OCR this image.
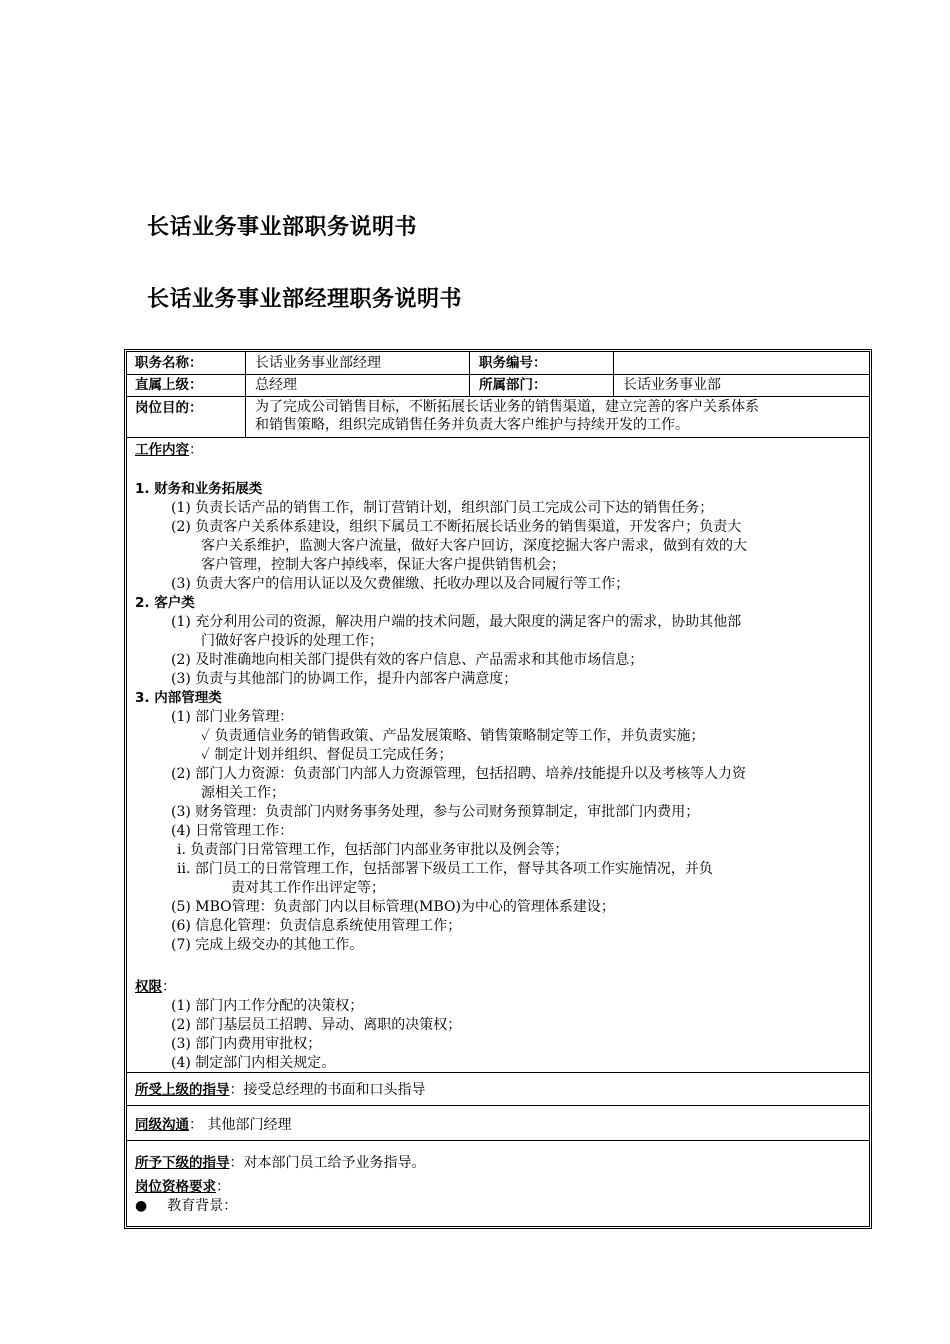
长话业务事业部职务说明书
长话业务事业部经理职务说明书
职务名称：	长话业务事业部经理	职务编号：
直属上级：	总经理	所属部门：	长话业务事业部
岗位目的：	为了完成公司销售目标，不断拓展长话业务的销售渠道，建立完善的客户关系体系
和销售策略，组织完成销售任务并负责大客户维护与持续开发的工作。
工作内容：
1. 财务和业务拓展类
(1) 负责长话产品的销售工作，制订营销计划，组织部门员工完成公司下达的销售任务；
(2) 负责客户关系体系建设，组织下属员工不断拓展长话业务的销售渠道，开发客户；负责大
客户关系维护，监测大客户流量，做好大客户回访，深度挖掘大客户需求，做到有效的大
客户管理，控制大客户掉线率，保证大客户提供销售机会；
(3) 负责大客户的信用认证以及欠费催缴、托收办理以及合同履行等工作；
2. 客户类
(1) 充分利用公司的资源，解决用户端的技术问题，最大限度的满足客户的需求，协助其他部
门做好客户投诉的处理工作；
(2) 及时准确地向相关部门提供有效的客户信息、产品需求和其他市场信息；
(3) 负责与其他部门的协调工作，提升内部客户满意度；
3. 内部管理类
(1) 部门业务管理：
✓ 负责通信业务的销售政策、产品发展策略、销售策略制定等工作，并负责实施；
✓ 制定计划并组织、督促员工完成任务；
(2) 部门人力资源：负责部门内部人力资源管理，包括招聘、培养/技能提升以及考核等人力资
源相关工作；
(3) 财务管理：负责部门内财务事务处理，参与公司财务预算制定，审批部门内费用；
(4) 日常管理工作：
i. 负责部门日常管理工作，包括部门内部业务审批以及例会等；
ii. 部门员工的日常管理工作，包括部署下级员工工作，督导其各项工作实施情况，并负
责对其工作作出评定等；
(5) MBO管理：负责部门内以目标管理(MBO)为中心的管理体系建设；
(6) 信息化管理：负责信息系统使用管理工作；
(7) 完成上级交办的其他工作。
权限：
(1) 部门内工作分配的决策权；
(2) 部门基层员工招聘、异动、离职的决策权；
(3) 部门内费用审批权；
(4) 制定部门内相关规定。
所受上级的指导：接受总经理的书面和口头指导
同级沟通： 其他部门经理
所予下级的指导：对本部门员工给予业务指导。
岗位资格要求：
● 教育背景：
